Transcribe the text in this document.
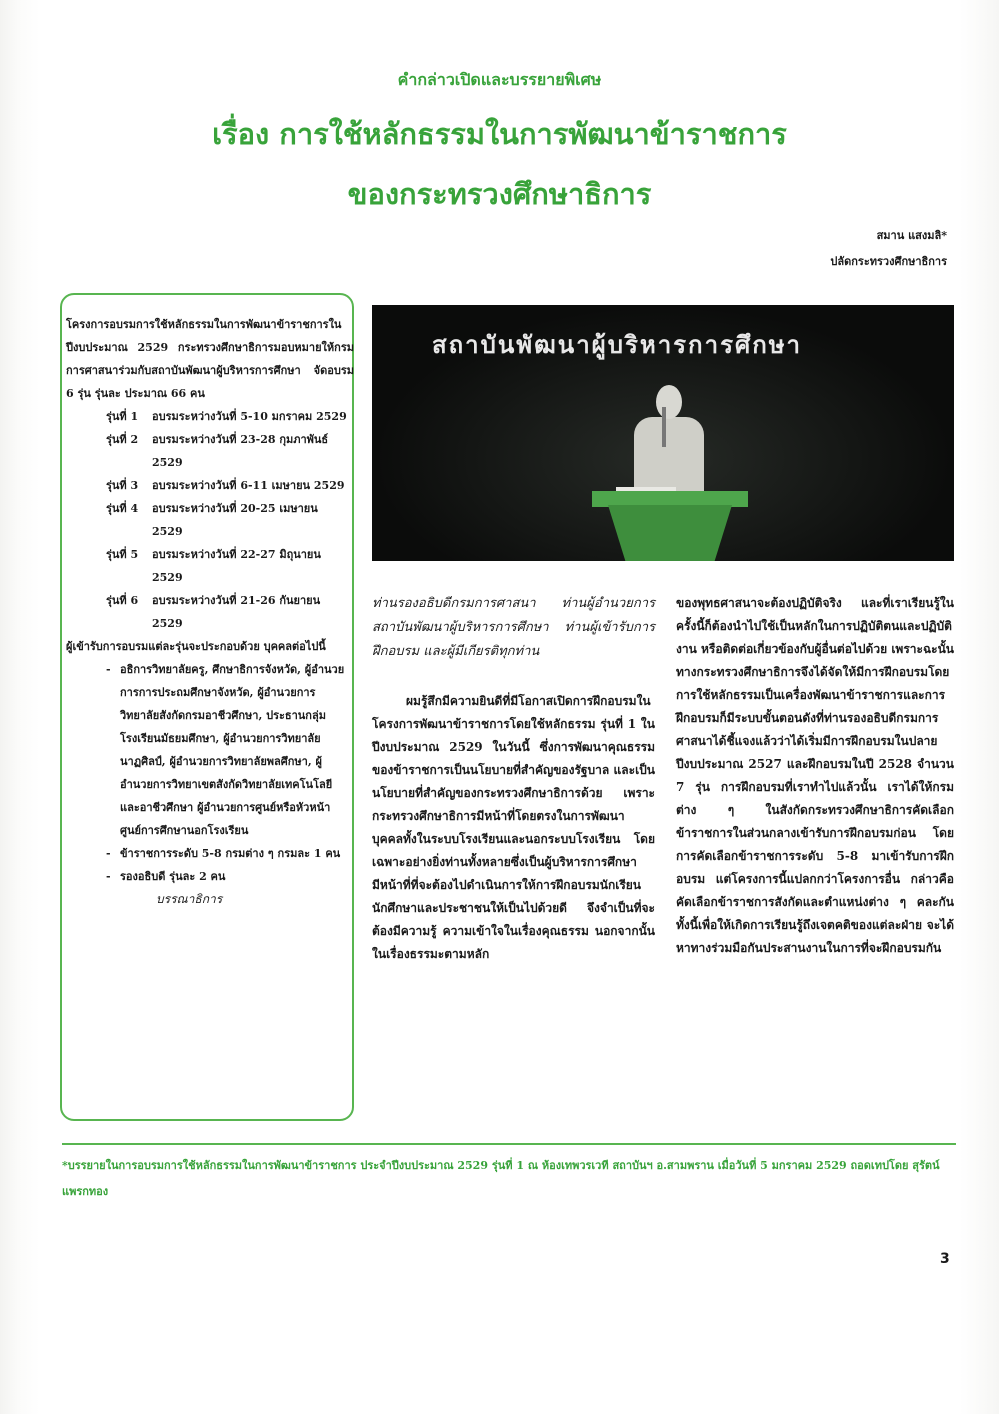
คำกล่าวเปิดและบรรยายพิเศษ
เรื่อง การใช้หลักธรรมในการพัฒนาข้าราชการ
ของกระทรวงศึกษาธิการ
สมาน แสงมลิ*
ปลัดกระทรวงศึกษาธิการ

โครงการอบรมการใช้หลักธรรมในการพัฒนาข้าราชการในปีงบประมาณ 2529 กระทรวงศึกษาธิการมอบหมายให้กรมการศาสนาร่วมกับสถาบันพัฒนาผู้บริหารการศึกษา จัดอบรม 6 รุ่น รุ่นละ ประมาณ 66 คน

รุ่นที่ 1	อบรมระหว่างวันที่ 5-10 มกราคม 2529
รุ่นที่ 2	อบรมระหว่างวันที่ 23-28 กุมภาพันธ์ 2529
รุ่นที่ 3	อบรมระหว่างวันที่ 6-11 เมษายน 2529
รุ่นที่ 4	อบรมระหว่างวันที่ 20-25 เมษายน 2529
รุ่นที่ 5	อบรมระหว่างวันที่ 22-27 มิถุนายน 2529
รุ่นที่ 6	อบรมระหว่างวันที่ 21-26 กันยายน 2529

ผู้เข้ารับการอบรมแต่ละรุ่นจะประกอบด้วย บุคคลต่อไปนี้

- อธิการวิทยาลัยครู, ศึกษาธิการจังหวัด, ผู้อำนวยการการประถมศึกษาจังหวัด, ผู้อำนวยการวิทยาลัยสังกัดกรมอาชีวศึกษา, ประธานกลุ่มโรงเรียนมัธยมศึกษา, ผู้อำนวยการวิทยาลัยนาฏศิลป์, ผู้อำนวยการวิทยาลัยพลศึกษา, ผู้อำนวยการวิทยาเขตสังกัดวิทยาลัยเทคโนโลยีและอาชีวศึกษา ผู้อำนวยการศูนย์หรือหัวหน้าศูนย์การศึกษานอกโรงเรียน
- ข้าราชการระดับ 5-8 กรมต่าง ๆ กรมละ 1 คน
- รองอธิบดี รุ่นละ 2 คน
บรรณาธิการ
สถาบันพัฒนาผู้บริหารการศึกษา

ท่านรองอธิบดีกรมการศาสนา ท่านผู้อำนวยการสถาบันพัฒนาผู้บริหารการศึกษา ท่านผู้เข้ารับการฝึกอบรม และผู้มีเกียรติทุกท่าน

ผมรู้สึกมีความยินดีที่มีโอกาสเปิดการฝึกอบรมในโครงการพัฒนาข้าราชการโดยใช้หลักธรรม รุ่นที่ 1 ในปีงบประมาณ 2529 ในวันนี้ ซึ่งการพัฒนาคุณธรรมของข้าราชการเป็นนโยบายที่สำคัญของรัฐบาล และเป็นนโยบายที่สำคัญของกระทรวงศึกษาธิการด้วย เพราะกระทรวงศึกษาธิการมีหน้าที่โดยตรงในการพัฒนาบุคคลทั้งในระบบโรงเรียนและนอกระบบโรงเรียน โดยเฉพาะอย่างยิ่งท่านทั้งหลายซึ่งเป็นผู้บริหารการศึกษา มีหน้าที่ที่จะต้องไปดำเนินการให้การฝึกอบรมนักเรียนนักศึกษาและประชาชนให้เป็นไปด้วยดี จึงจำเป็นที่จะต้องมีความรู้ ความเข้าใจในเรื่องคุณธรรม นอกจากนั้นในเรื่องธรรมะตามหลัก

ของพุทธศาสนาจะต้องปฏิบัติจริง และที่เราเรียนรู้ในครั้งนี้ก็ต้องนำไปใช้เป็นหลักในการปฏิบัติตนและปฏิบัติงาน หรือติดต่อเกี่ยวข้องกับผู้อื่นต่อไปด้วย เพราะฉะนั้นทางกระทรวงศึกษาธิการจึงได้จัดให้มีการฝึกอบรมโดยการใช้หลักธรรมเป็นเครื่องพัฒนาข้าราชการและการฝึกอบรมก็มีระบบขั้นตอนดังที่ท่านรองอธิบดีกรมการศาสนาได้ชี้แจงแล้วว่าได้เริ่มมีการฝึกอบรมในปลายปีงบประมาณ 2527 และฝึกอบรมในปี 2528 จำนวน 7 รุ่น การฝึกอบรมที่เราทำไปแล้วนั้น เราได้ให้กรมต่าง ๆ ในสังกัดกระทรวงศึกษาธิการคัดเลือกข้าราชการในส่วนกลางเข้ารับการฝึกอบรมก่อน โดยการคัดเลือกข้าราชการระดับ 5-8 มาเข้ารับการฝึกอบรม แต่โครงการนี้แปลกกว่าโครงการอื่น กล่าวคือ คัดเลือกข้าราชการสังกัดและตำแหน่งต่าง ๆ คละกัน ทั้งนี้เพื่อให้เกิดการเรียนรู้ถึงเจตคติของแต่ละฝ่าย จะได้หาทางร่วมมือกันประสานงานในการที่จะฝึกอบรมกัน

*บรรยายในการอบรมการใช้หลักธรรมในการพัฒนาข้าราชการ ประจำปีงบประมาณ 2529 รุ่นที่ 1 ณ ห้องเทพวรเวที สถาบันฯ อ.สามพราน เมื่อวันที่ 5 มกราคม 2529 ถอดเทปโดย สุรัตน์ แพรกทอง
3
